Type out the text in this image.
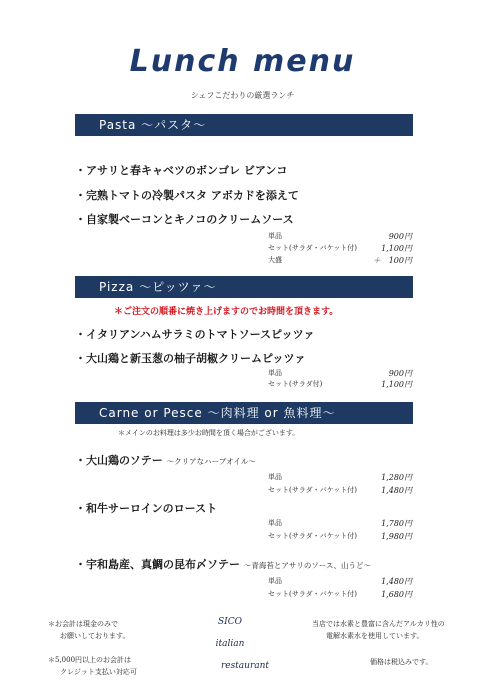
Lunch menu
シェフこだわりの厳選ランチ
Pasta 〜パスタ〜
・アサリと春キャベツのボンゴレ ビアンコ
・完熟トマトの冷製パスタ アボカドを添えて
・自家製ベーコンとキノコのクリームソース
単品	900円
セット(サラダ・バケット付)	1,100円
大盛	＋　100円
Pizza 〜ピッツァ〜
＊ご注文の順番に焼き上げますのでお時間を頂きます。
・イタリアンハムサラミのトマトソースピッツァ
・大山鶏と新玉葱の柚子胡椒クリームピッツァ
単品	900円
セット(サラダ付)	1,100円
Carne or Pesce 〜肉料理 or 魚料理〜
＊メインのお料理は多少お時間を頂く場合がございます。
・大山鶏のソテー 〜クリアなハーブオイル〜
単品	1,280円
セット(サラダ・バケット付)	1,480円
・和牛サーロインのロースト
単品	1,780円
セット(サラダ・バケット付)	1,980円
・宇和島産、真鯛の昆布〆ソテー 〜青海苔とアサリのソース、山うど〜
単品	1,480円
セット(サラダ・バケット付)	1,680円
＊お会計は現金のみで
お願いしております。
＊5,000円以上のお会計は
クレジット支払い対応可
SICO
italian
restaurant
当店では水素と豊富に含んだアルカリ性の
電解水素水を使用しています。
価格は税込みです。
